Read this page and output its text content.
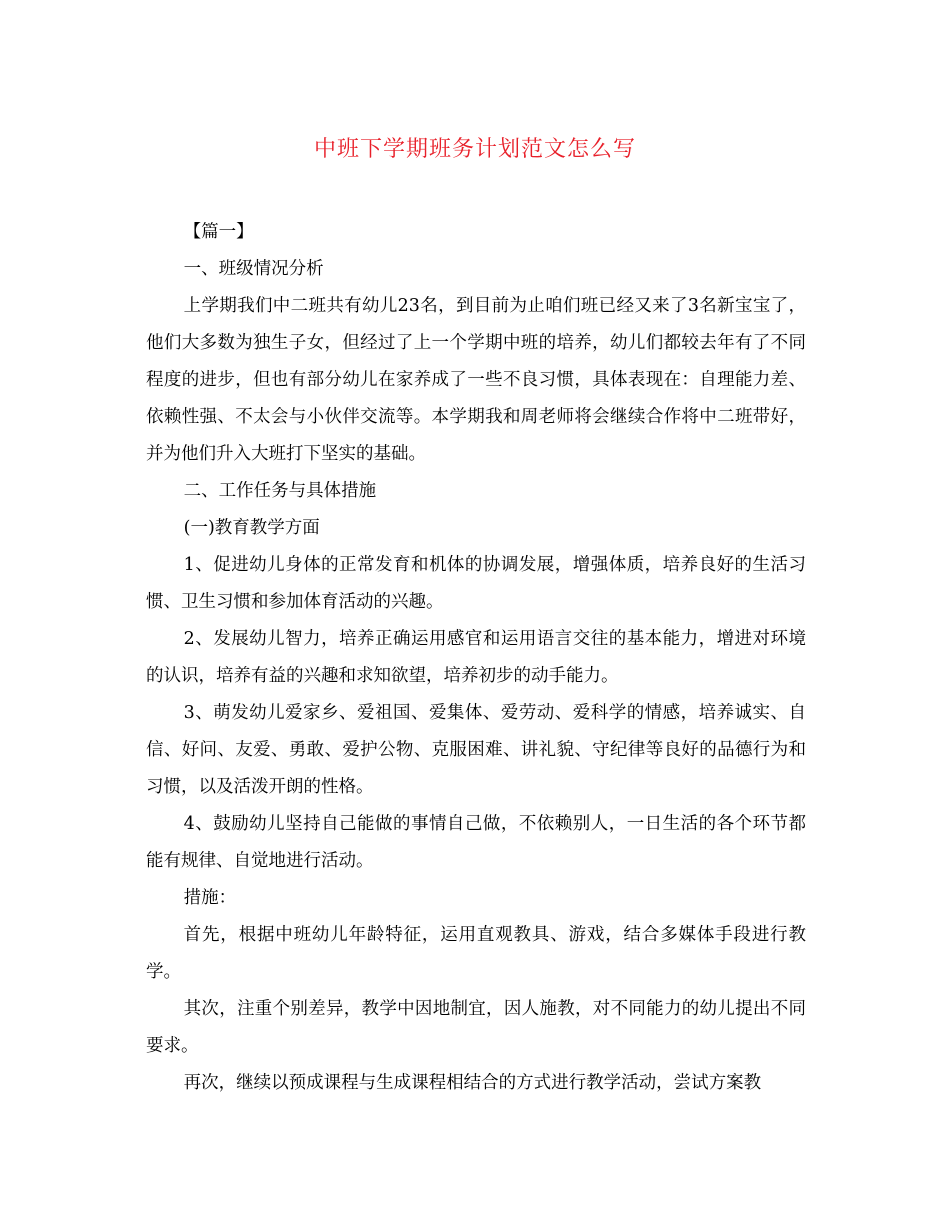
中班下学期班务计划范文怎么写

【篇一】

一、班级情况分析

上学期我们中二班共有幼儿23名，到目前为止咱们班已经又来了3名新宝宝了，他们大多数为独生子女，但经过了上一个学期中班的培养，幼儿们都较去年有了不同程度的进步，但也有部分幼儿在家养成了一些不良习惯，具体表现在：自理能力差、依赖性强、不太会与小伙伴交流等。本学期我和周老师将会继续合作将中二班带好，并为他们升入大班打下坚实的基础。

二、工作任务与具体措施

(一)教育教学方面

1、促进幼儿身体的正常发育和机体的协调发展，增强体质，培养良好的生活习惯、卫生习惯和参加体育活动的兴趣。

2、发展幼儿智力，培养正确运用感官和运用语言交往的基本能力，增进对环境的认识，培养有益的兴趣和求知欲望，培养初步的动手能力。

3、萌发幼儿爱家乡、爱祖国、爱集体、爱劳动、爱科学的情感，培养诚实、自信、好问、友爱、勇敢、爱护公物、克服困难、讲礼貌、守纪律等良好的品德行为和习惯，以及活泼开朗的性格。

4、鼓励幼儿坚持自己能做的事情自己做，不依赖别人，一日生活的各个环节都能有规律、自觉地进行活动。

措施：

首先，根据中班幼儿年龄特征，运用直观教具、游戏，结合多媒体手段进行教学。

其次，注重个别差异，教学中因地制宜，因人施教，对不同能力的幼儿提出不同要求。

再次，继续以预成课程与生成课程相结合的方式进行教学活动，尝试方案教
